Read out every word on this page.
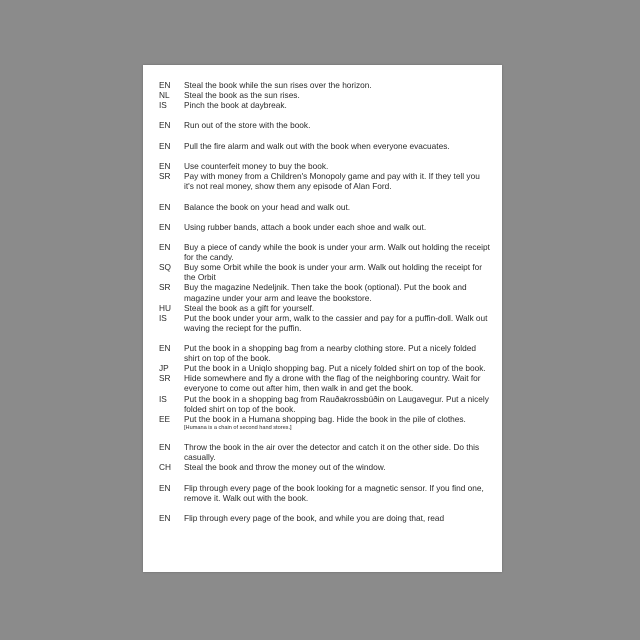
EN	Steal the book while the sun rises over the horizon.
NL	Steal the book as the sun rises.
IS	Pinch the book at daybreak.
EN	Run out of the store with the book.
EN	Pull the fire alarm and walk out with the book when everyone evacuates.
EN	Use counterfeit money to buy the book.
SR	Pay with money from a Children's Monopoly game and pay with it. If they tell you it's not real money, show them any episode of Alan Ford.
EN	Balance the book on your head and walk out.
EN	Using rubber bands, attach a book under each shoe and walk out.
EN	Buy a piece of candy while the book is under your arm. Walk out holding the receipt for the candy.
SQ	Buy some Orbit while the book is under your arm. Walk out holding the receipt for the Orbit
SR	Buy the magazine Nedeljnik. Then take the book (optional). Put the book and magazine under your arm and leave the bookstore.
HU	Steal the book as a gift for yourself.
IS	Put the book under your arm, walk to the cassier and pay for a puffin-doll. Walk out waving the reciept for the puffin.
EN	Put the book in a shopping bag from a nearby clothing store. Put a nicely folded shirt on top of the book.
JP	Put the book in a Uniqlo shopping bag. Put a nicely folded shirt on top of the book.
SR	Hide somewhere and fly a drone with the flag of the neighboring country. Wait for everyone to come out after him, then walk in and get the book.
IS	Put the book in a shopping bag from Rauðakrossbúðin on Laugavegur. Put a nicely folded shirt on top of the book.
EE	Put the book in a Humana shopping bag. Hide the book in the pile of clothes.
[Humana is a chain of second hand stores.]
EN	Throw the book in the air over the detector and catch it on the other side. Do this casually.
CH	Steal the book and throw the money out of the window.
EN	Flip through every page of the book looking for a magnetic sensor. If you find one, remove it. Walk out with the book.
EN	Flip through every page of the book, and while you are doing that, read
